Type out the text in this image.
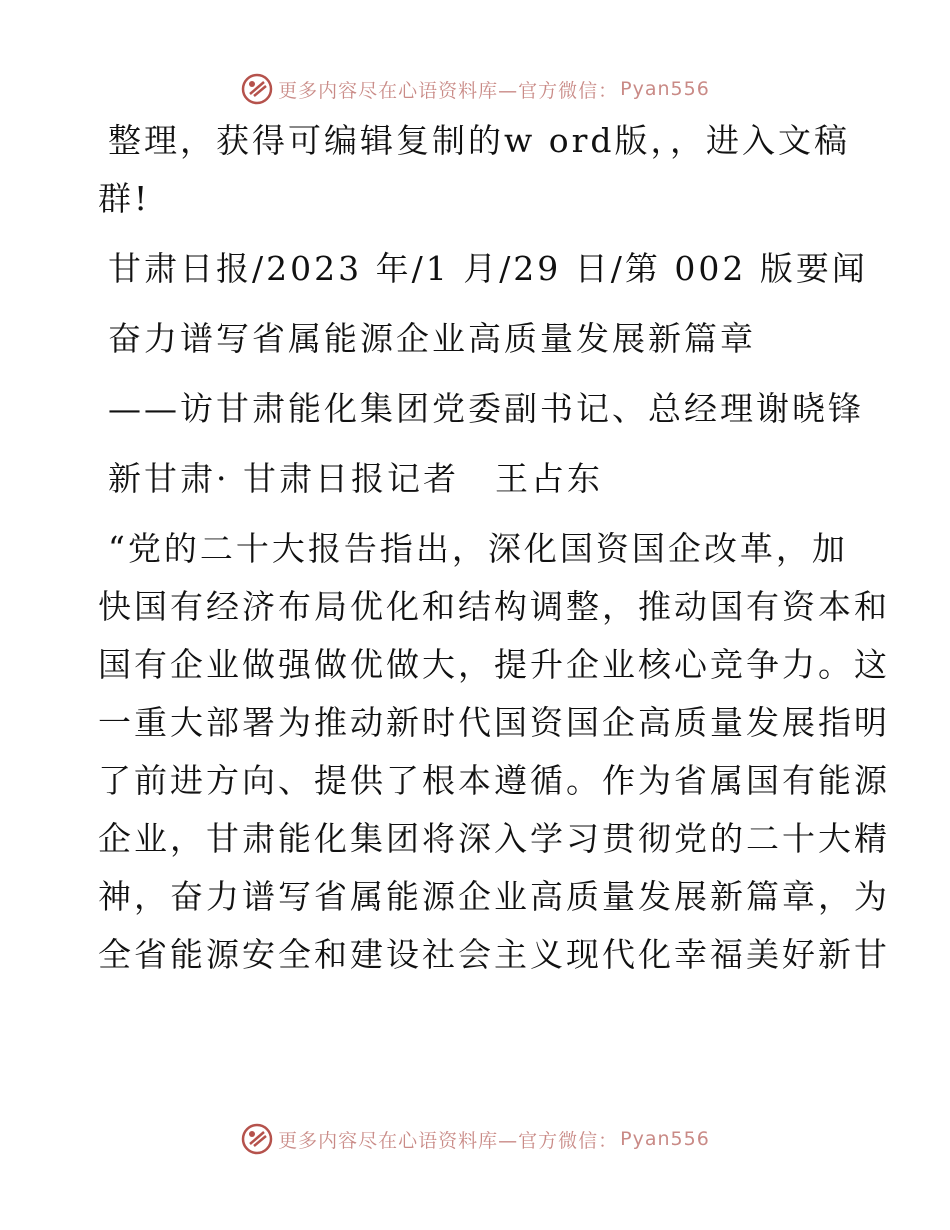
更多内容尽在心语资料库—官方微信： Pyan556
整理，获得可编辑复制的w ord版，，进入文稿
群!
甘肃日报/2023 年/1 月/29 日/第 002 版要闻
奋力谱写省属能源企业高质量发展新篇章
——访甘肃能化集团党委副书记、总经理谢晓锋
新甘肃· 甘肃日报记者　王占东
“党的二十大报告指出，深化国资国企改革，加
快国有经济布局优化和结构调整，推动国有资本和
国有企业做强做优做大，提升企业核心竞争力。这
一重大部署为推动新时代国资国企高质量发展指明
了前进方向、提供了根本遵循。作为省属国有能源
企业，甘肃能化集团将深入学习贯彻党的二十大精
神，奋力谱写省属能源企业高质量发展新篇章，为
全省能源安全和建设社会主义现代化幸福美好新甘
更多内容尽在心语资料库—官方微信： Pyan556
